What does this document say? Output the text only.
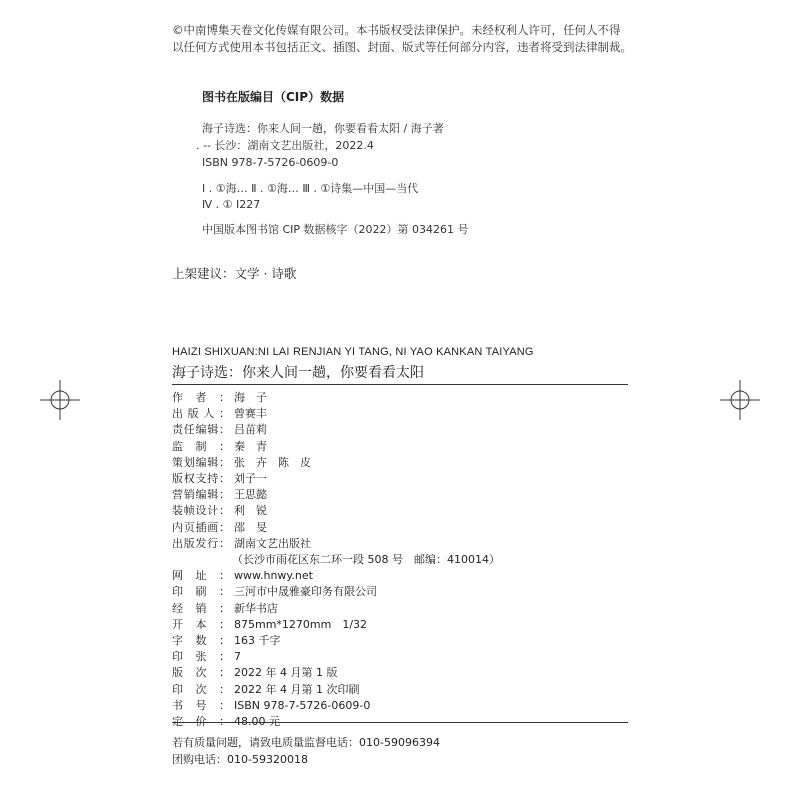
©中南博集天卷文化传媒有限公司。本书版权受法律保护。未经权利人许可，任何人不得
以任何方式使用本书包括正文、插图、封面、版式等任何部分内容，违者将受到法律制裁。
图书在版编目（CIP）数据
海子诗选：你来人间一趟，你要看看太阳 / 海子著
. -- 长沙：湖南文艺出版社，2022.4
ISBN 978-7-5726-0609-0
Ⅰ . ①海… Ⅱ . ①海… Ⅲ . ①诗集—中国—当代
Ⅳ . ① I227
中国版本图书馆 CIP 数据核字（2022）第 034261 号
上架建议：文学 · 诗歌
HAIZI SHIXUAN:NI LAI RENJIAN YI TANG, NI YAO KANKAN TAIYANG
海子诗选：你来人间一趟，你要看看太阳
作 者 ： 海　子
出 版 人 ： 曾赛丰
责 任 编 辑 ： 吕苗莉
监 制 ： 秦　青
策 划 编 辑 ： 张　卉　陈　皮
版 权 支 持 ： 刘子一
营 销 编 辑 ： 王思懿
装 帧 设 计 ： 利　锐
内 页 插 画 ： 邵　旻
出 版 发 行 ： 湖南文艺出版社
（长沙市雨花区东二环一段 508 号　邮编：410014）
网 址 ： www.hnwy.net
印 刷 ： 三河市中晟雅豪印务有限公司
经 销 ： 新华书店
开 本 ： 875mm*1270mm　1/32
字 数 ： 163 千字
印 张 ： 7
版 次 ： 2022 年 4 月第 1 版
印 次 ： 2022 年 4 月第 1 次印刷
书 号 ： ISBN 978-7-5726-0609-0
定 价 ： 48.00 元
若有质量问题，请致电质量监督电话：010-59096394
团购电话：010-59320018
